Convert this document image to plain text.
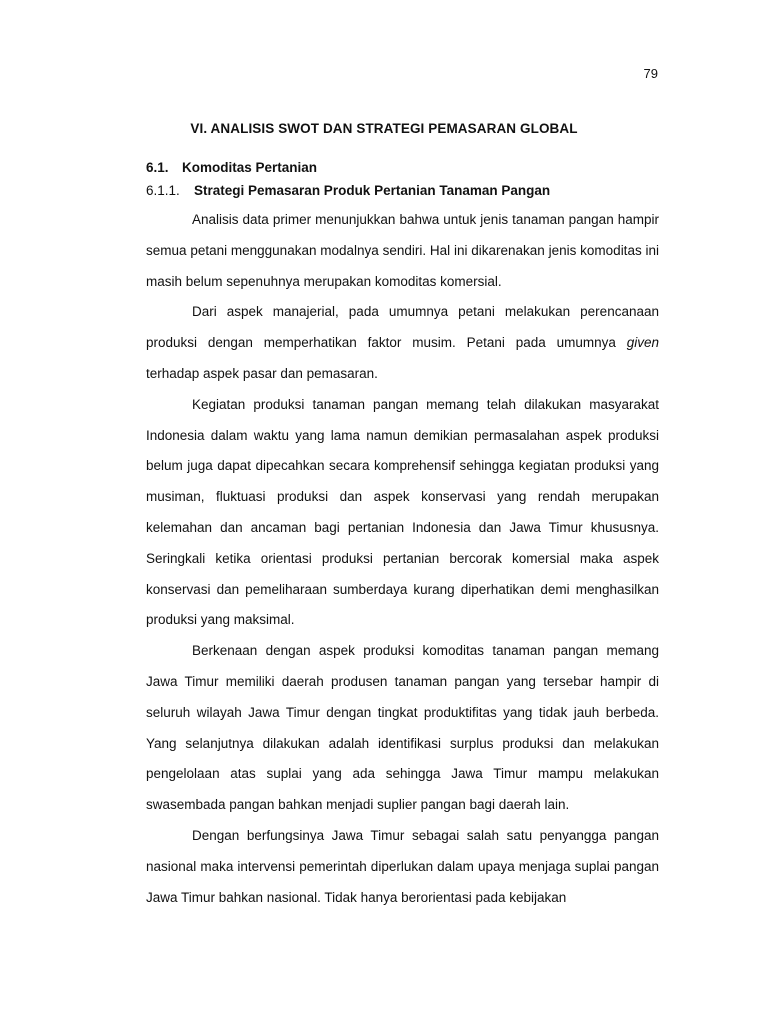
79
VI. ANALISIS SWOT DAN STRATEGI PEMASARAN GLOBAL
6.1. Komoditas Pertanian
6.1.1. Strategi Pemasaran Produk Pertanian Tanaman Pangan

Analisis data primer menunjukkan bahwa untuk jenis tanaman pangan hampir semua petani menggunakan modalnya sendiri. Hal ini dikarenakan jenis komoditas ini masih belum sepenuhnya merupakan komoditas komersial.

Dari aspek manajerial, pada umumnya petani melakukan perencanaan produksi dengan memperhatikan faktor musim. Petani pada umumnya given terhadap aspek pasar dan pemasaran.

Kegiatan produksi tanaman pangan memang telah dilakukan masyarakat Indonesia dalam waktu yang lama namun demikian permasalahan aspek produksi belum juga dapat dipecahkan secara komprehensif sehingga kegiatan produksi yang musiman, fluktuasi produksi dan aspek konservasi yang rendah merupakan kelemahan dan ancaman bagi pertanian Indonesia dan Jawa Timur khususnya. Seringkali ketika orientasi produksi pertanian bercorak komersial maka aspek konservasi dan pemeliharaan sumberdaya kurang diperhatikan demi menghasilkan produksi yang maksimal.

Berkenaan dengan aspek produksi komoditas tanaman pangan memang Jawa Timur memiliki daerah produsen tanaman pangan yang tersebar hampir di seluruh wilayah Jawa Timur dengan tingkat produktifitas yang tidak jauh berbeda. Yang selanjutnya dilakukan adalah identifikasi surplus produksi dan melakukan pengelolaan atas suplai yang ada sehingga Jawa Timur mampu melakukan swasembada pangan bahkan menjadi suplier pangan bagi daerah lain.

Dengan berfungsinya Jawa Timur sebagai salah satu penyangga pangan nasional maka intervensi pemerintah diperlukan dalam upaya menjaga suplai pangan Jawa Timur bahkan nasional. Tidak hanya berorientasi pada kebijakan
